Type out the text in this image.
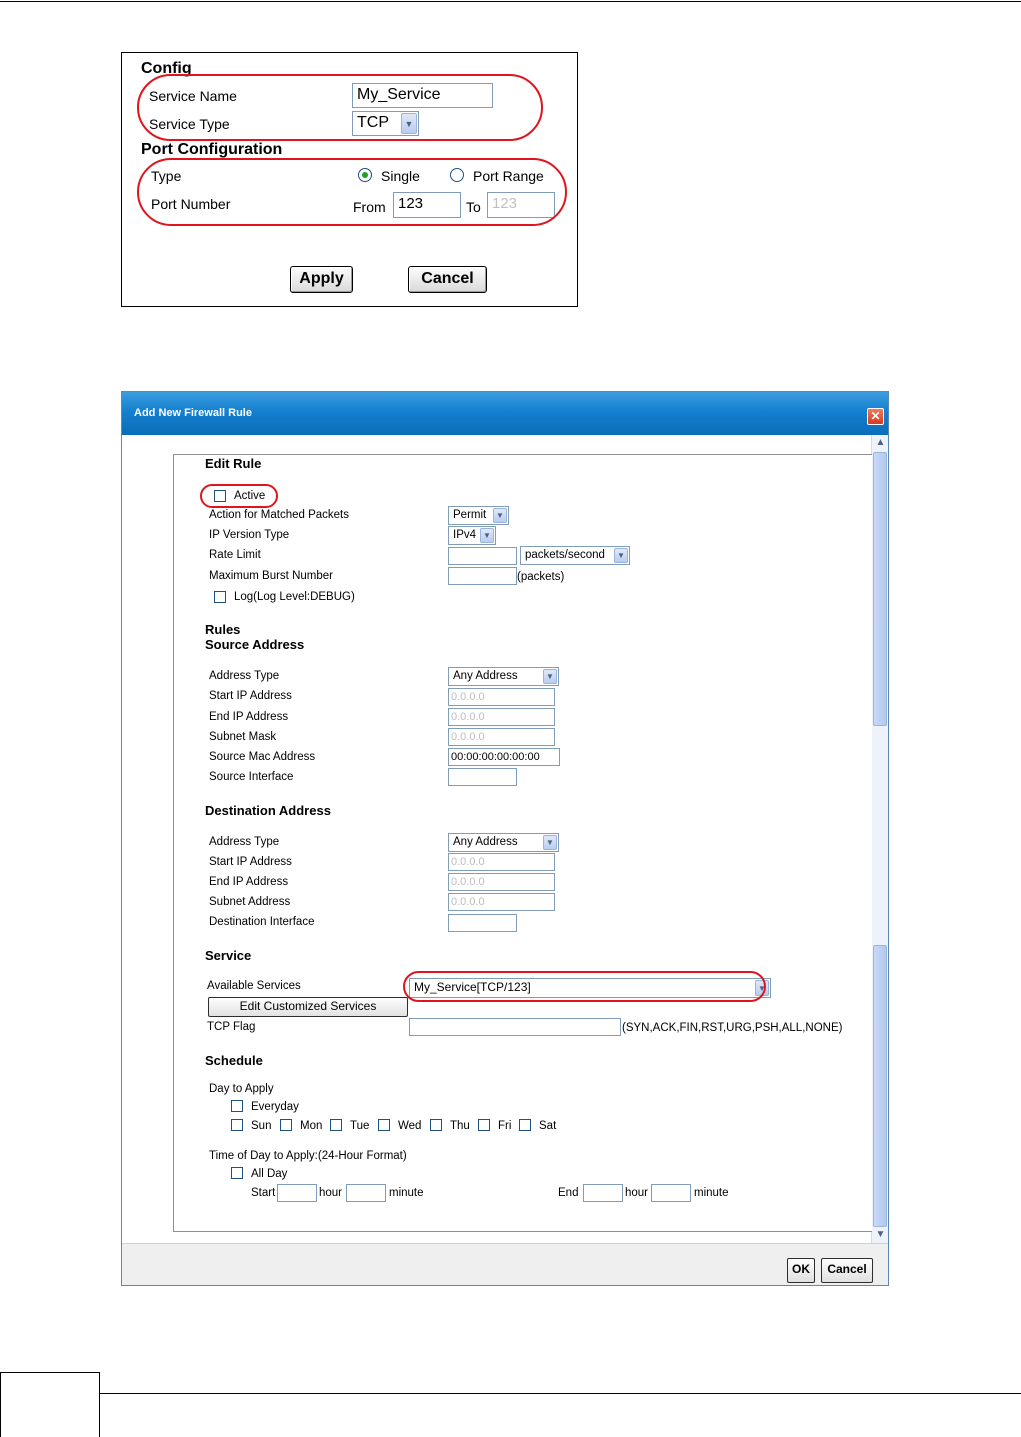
Config
Service Name	My_Service
Service Type	TCP	▼
Port Configuration
Type	Single	Port Range
Port Number	From 123	To 123
Apply	Cancel
Add New Firewall Rule	✕
▲
▼
Edit Rule
Active
Action for Matched Packets	Permit	▼
IP Version Type	IPv4 ▼
Rate Limit	packets/second	▼
Maximum Burst Number	(packets)
Log(Log Level:DEBUG)
Rules
Source Address
Address Type	Any Address	▼
Start IP Address	0.0.0.0
End IP Address	0.0.0.0
Subnet Mask	0.0.0.0
Source Mac Address	00:00:00:00:00:00
Source Interface
Destination Address
Address Type	Any Address	▼
Start IP Address	0.0.0.0
End IP Address	0.0.0.0
Subnet Address	0.0.0.0
Destination Interface
Service
Available Services	My_Service[TCP/123]	▼
Edit Customized Services
TCP Flag	(SYN,ACK,FIN,RST,URG,PSH,ALL,NONE)
Schedule
Day to Apply
Everyday
Sun Mon Tue Wed Thu Fri Sat
Time of Day to Apply:(24-Hour Format)
All Day
Start	hour	minute	End	hour	minute
OK	Cancel
